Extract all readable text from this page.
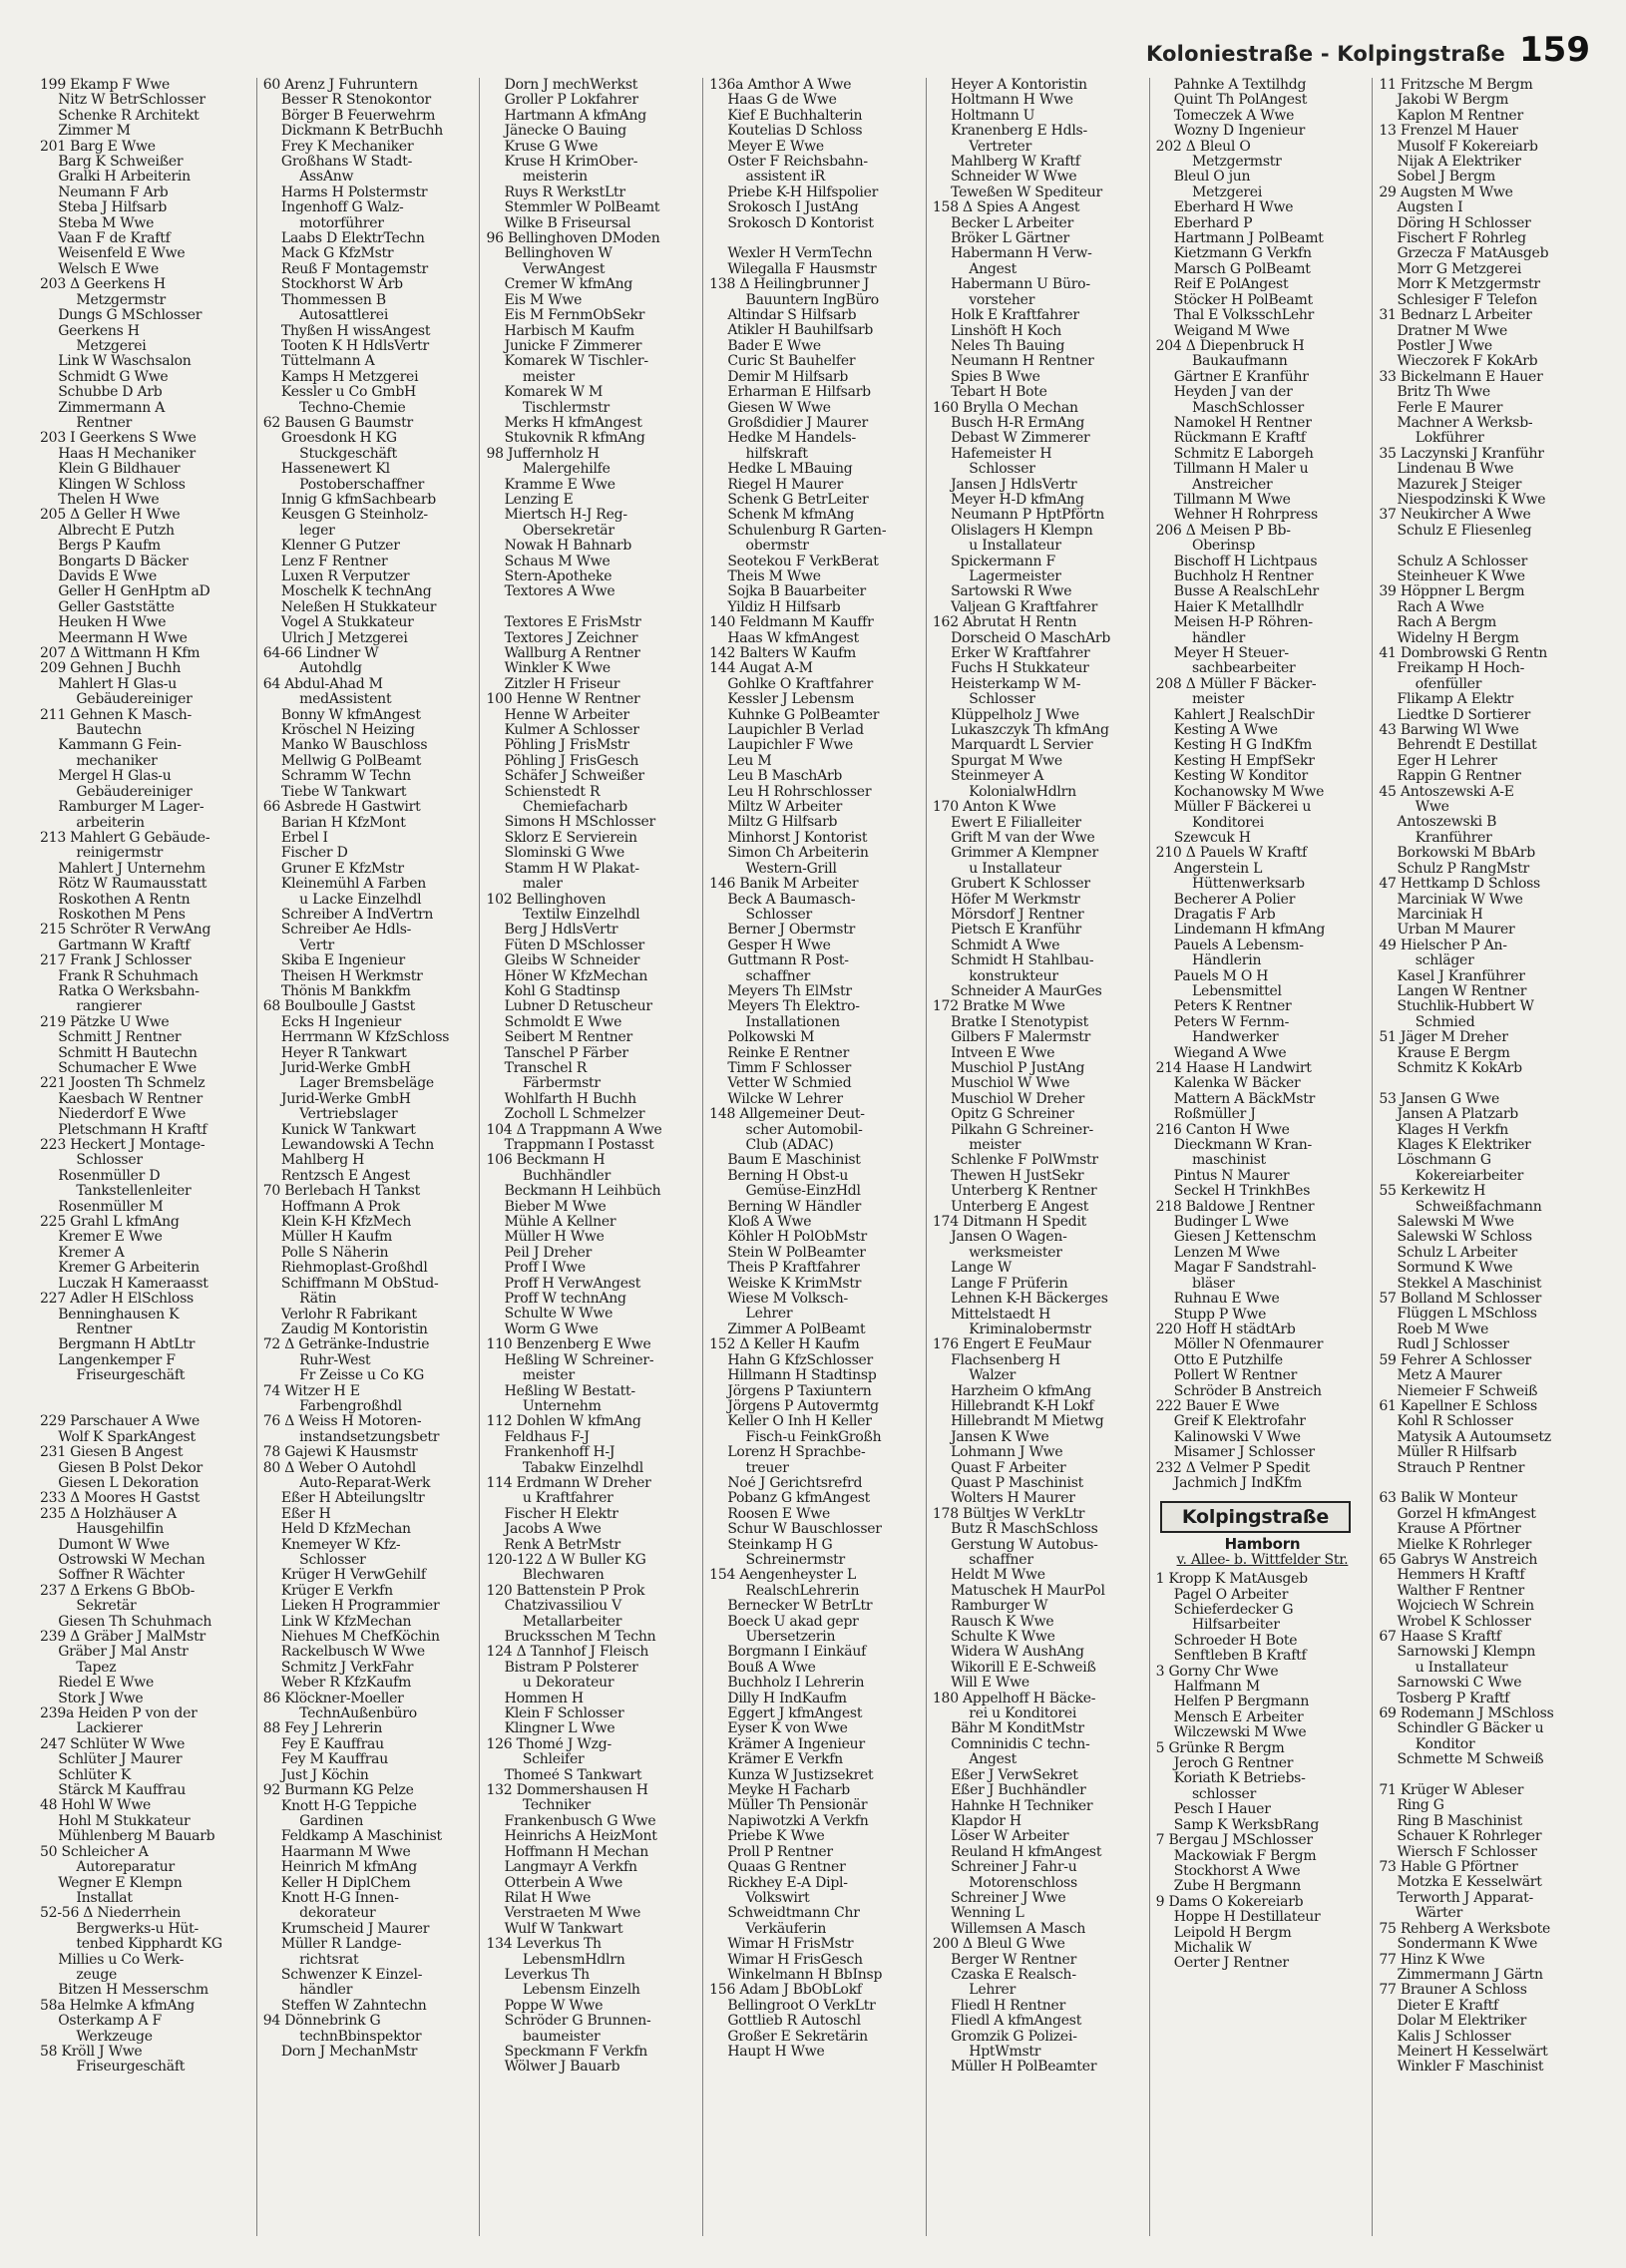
Koloniestraße - Kolpingstraße 159
199 Ekamp F Wwe
Nitz W BetrSchlosser
Schenke R Architekt
Zimmer M
201 Barg E Wwe
Barg K Schweißer
Gralki H Arbeiterin
Neumann F Arb
Steba J Hilfsarb
Steba M Wwe
Vaan F de Kraftf
Weisenfeld E Wwe
Welsch E Wwe
203 Δ Geerkens H
Metzgermstr
Dungs G MSchlosser
Geerkens H
Metzgerei
Link W Waschsalon
Schmidt G Wwe
Schubbe D Arb
Zimmermann A
Rentner
203 I Geerkens S Wwe
Haas H Mechaniker
Klein G Bildhauer
Klingen W Schloss
Thelen H Wwe
205 Δ Geller H Wwe
Albrecht E Putzh
Bergs P Kaufm
Bongarts D Bäcker
Davids E Wwe
Geller H GenHptm aD
Geller Gaststätte
Heuken H Wwe
Meermann H Wwe
207 Δ Wittmann H Kfm
209 Gehnen J Buchh
Mahlert H Glas-u
Gebäudereiniger
211 Gehnen K Masch-
Bautechn
Kammann G Fein-
mechaniker
Mergel H Glas-u
Gebäudereiniger
Ramburger M Lager-
arbeiterin
213 Mahlert G Gebäude-
reinigermstr
Mahlert J Unternehm
Rötz W Raumausstatt
Roskothen A Rentn
Roskothen M Pens
215 Schröter R VerwAng
Gartmann W Kraftf
217 Frank J Schlosser
Frank R Schuhmach
Ratka O Werksbahn-
rangierer
219 Pätzke U Wwe
Schmitt J Rentner
Schmitt H Bautechn
Schumacher E Wwe
221 Joosten Th Schmelz
Kaesbach W Rentner
Niederdorf E Wwe
Pletschmann H Kraftf
223 Heckert J Montage-
Schlosser
Rosenmüller D
Tankstellenleiter
Rosenmüller M
225 Grahl L kfmAng
Kremer E Wwe
Kremer A
Kremer G Arbeiterin
Luczak H Kameraasst
227 Adler H ElSchloss
Benninghausen K
Rentner
Bergmann H AbtLtr
Langenkemper F
Friseurgeschäft
229 Parschauer A Wwe
Wolf K SparkAngest
231 Giesen B Angest
Giesen B Polst Dekor
Giesen L Dekoration
233 Δ Moores H Gastst
235 Δ Holzhäuser A
Hausgehilfin
Dumont W Wwe
Ostrowski W Mechan
Soffner R Wächter
237 Δ Erkens G BbOb-
Sekretär
Giesen Th Schuhmach
239 Δ Gräber J MalMstr
Gräber J Mal Anstr
Tapez
Riedel E Wwe
Stork J Wwe
239a Heiden P von der
Lackierer
247 Schlüter W Wwe
Schlüter J Maurer
Schlüter K
Stärck M Kauffrau
48 Hohl W Wwe
Hohl M Stukkateur
Mühlenberg M Bauarb
50 Schleicher A
Autoreparatur
Wegner E Klempn
Installat
52-56 Δ Niederrhein
Bergwerks-u Hüt-
tenbed Kipphardt KG
Millies u Co Werk-
zeuge
Bitzen H Messerschm
58a Helmke A kfmAng
Osterkamp A F
Werkzeuge
58 Kröll J Wwe
Friseurgeschäft
60 Arenz J Fuhruntern
Besser R Stenokontor
Börger B Feuerwehrm
Dickmann K BetrBuchh
Frey K Mechaniker
Großhans W Stadt-
AssAnw
Harms H Polstermstr
Ingenhoff G Walz-
motorführer
Laabs D ElektrTechn
Mack G KfzMstr
Reuß F Montagemstr
Stockhorst W Arb
Thommessen B
Autosattlerei
Thyßen H wissAngest
Tooten K H HdlsVertr
Tüttelmann A
Kamps H Metzgerei
Kessler u Co GmbH
Techno-Chemie
62 Bausen G Baumstr
Groesdonk H KG
Stuckgeschäft
Hassenewert Kl
Postoberschaffner
Innig G kfmSachbearb
Keusgen G Steinholz-
leger
Klenner G Putzer
Lenz F Rentner
Luxen R Verputzer
Moschelk K technAng
Neleßen H Stukkateur
Vogel A Stukkateur
Ulrich J Metzgerei
64-66 Lindner W
Autohdlg
64 Abdul-Ahad M
medAssistent
Bonny W kfmAngest
Kröschel N Heizing
Manko W Bauschloss
Mellwig G PolBeamt
Schramm W Techn
Tiebe W Tankwart
66 Asbrede H Gastwirt
Barian H KfzMont
Erbel I
Fischer D
Gruner E KfzMstr
Kleinemühl A Farben
u Lacke Einzelhdl
Schreiber A IndVertrn
Schreiber Ae Hdls-
Vertr
Skiba E Ingenieur
Theisen H Werkmstr
Thönis M Bankkfm
68 Boulboulle J Gastst
Ecks H Ingenieur
Herrmann W KfzSchloss
Heyer R Tankwart
Jurid-Werke GmbH
Lager Bremsbeläge
Jurid-Werke GmbH
Vertriebslager
Kunick W Tankwart
Lewandowski A Techn
Mahlberg H
Rentzsch E Angest
70 Berlebach H Tankst
Hoffmann A Prok
Klein K-H KfzMech
Müller H Kaufm
Polle S Näherin
Riehmoplast-Großhdl
Schiffmann M ObStud-
Rätin
Verlohr R Fabrikant
Zaudig M Kontoristin
72 Δ Getränke-Industrie
Ruhr-West
Fr Zeisse u Co KG
74 Witzer H E
Farbengroßhdl
76 Δ Weiss H Motoren-
instandsetzungsbetr
78 Gajewi K Hausmstr
80 Δ Weber O Autohdl
Auto-Reparat-Werk
Eßer H Abteilungsltr
Eßer H
Held D KfzMechan
Knemeyer W Kfz-
Schlosser
Krüger H VerwGehilf
Krüger E Verkfn
Lieken H Programmier
Link W KfzMechan
Niehues M ChefKöchin
Rackelbusch W Wwe
Schmitz J VerkFahr
Weber R KfzKaufm
86 Klöckner-Moeller
TechnAußenbüro
88 Fey J Lehrerin
Fey E Kauffrau
Fey M Kauffrau
Just J Köchin
92 Burmann KG Pelze
Knott H-G Teppiche
Gardinen
Feldkamp A Maschinist
Haarmann M Wwe
Heinrich M kfmAng
Keller H DiplChem
Knott H-G Innen-
dekorateur
Krumscheid J Maurer
Müller R Landge-
richtsrat
Schwenzer K Einzel-
händler
Steffen W Zahntechn
94 Dönnebrink G
technBbinspektor
Dorn J MechanMstr
Dorn J mechWerkst
Groller P Lokfahrer
Hartmann A kfmAng
Jänecke O Bauing
Kruse G Wwe
Kruse H KrimOber-
meisterin
Ruys R WerkstLtr
Stemmler W PolBeamt
Wilke B Friseursal
96 Bellinghoven DModen
Bellinghoven W
VerwAngest
Cremer W kfmAng
Eis M Wwe
Eis M FernmObSekr
Harbisch M Kaufm
Junicke F Zimmerer
Komarek W Tischler-
meister
Komarek W M
Tischlermstr
Merks H kfmAngest
Stukovnik R kfmAng
98 Juffernholz H
Malergehilfe
Kramme E Wwe
Lenzing E
Miertsch H-J Reg-
Obersekretär
Nowak H Bahnarb
Schaus M Wwe
Stern-Apotheke
Textores A Wwe
Textores E FrisMstr
Textores J Zeichner
Wallburg A Rentner
Winkler K Wwe
Zitzler H Friseur
100 Henne W Rentner
Henne W Arbeiter
Kulmer A Schlosser
Pöhling J FrisMstr
Pöhling J FrisGesch
Schäfer J Schweißer
Schienstedt R
Chemiefacharb
Simons H MSchlosser
Sklorz E Servierein
Slominski G Wwe
Stamm H W Plakat-
maler
102 Bellinghoven
Textilw Einzelhdl
Berg J HdlsVertr
Füten D MSchlosser
Gleibs W Schneider
Höner W KfzMechan
Kohl G Stadtinsp
Lubner D Retuscheur
Schmoldt E Wwe
Seibert M Rentner
Tanschel P Färber
Transchel R
Färbermstr
Wohlfarth H Buchh
Zocholl L Schmelzer
104 Δ Trappmann A Wwe
Trappmann I Postasst
106 Beckmann H
Buchhändler
Beckmann H Leihbüch
Bieber M Wwe
Mühle A Kellner
Müller H Wwe
Peil J Dreher
Proff I Wwe
Proff H VerwAngest
Proff W technAng
Schulte W Wwe
Worm G Wwe
110 Benzenberg E Wwe
Heßling W Schreiner-
meister
Heßling W Bestatt-
Unternehm
112 Dohlen W kfmAng
Feldhaus F-J
Frankenhoff H-J
Tabakw Einzelhdl
114 Erdmann W Dreher
u Kraftfahrer
Fischer H Elektr
Jacobs A Wwe
Renk A BetrMstr
120-122 Δ W Buller KG
Blechwaren
120 Battenstein P Prok
Chatzivassiliou V
Metallarbeiter
Brucksschen M Techn
124 Δ Tannhof J Fleisch
Bistram P Polsterer
u Dekorateur
Hommen H
Klein F Schlosser
Klingner L Wwe
126 Thomé J Wzg-
Schleifer
Thomeé S Tankwart
132 Dommershausen H
Techniker
Frankenbusch G Wwe
Heinrichs A HeizMont
Hoffmann H Mechan
Langmayr A Verkfn
Otterbein A Wwe
Rilat H Wwe
Verstraeten M Wwe
Wulf W Tankwart
134 Leverkus Th
LebensmHdlrn
Leverkus Th
Lebensm Einzelh
Poppe W Wwe
Schröder G Brunnen-
baumeister
Speckmann F Verkfn
Wölwer J Bauarb
136a Amthor A Wwe
Haas G de Wwe
Kief E Buchhalterin
Koutelias D Schloss
Meyer E Wwe
Oster F Reichsbahn-
assistent iR
Priebe K-H Hilfspolier
Srokosch I JustAng
Srokosch D Kontorist
Wexler H VermTechn
Wilegalla F Hausmstr
138 Δ Heilingbrunner J
Bauuntern IngBüro
Altindar S Hilfsarb
Atikler H Bauhilfsarb
Bader E Wwe
Curic St Bauhelfer
Demir M Hilfsarb
Erharman E Hilfsarb
Giesen W Wwe
Großdidier J Maurer
Hedke M Handels-
hilfskraft
Hedke L MBauing
Riegel H Maurer
Schenk G BetrLeiter
Schenk M kfmAng
Schulenburg R Garten-
obermstr
Seotekou F VerkBerat
Theis M Wwe
Sojka B Bauarbeiter
Yildiz H Hilfsarb
140 Feldmann M Kauffr
Haas W kfmAngest
142 Balters W Kaufm
144 Augat A-M
Gohlke O Kraftfahrer
Kessler J Lebensm
Kuhnke G PolBeamter
Laupichler B Verlad
Laupichler F Wwe
Leu M
Leu B MaschArb
Leu H Rohrschlosser
Miltz W Arbeiter
Miltz G Hilfsarb
Minhorst J Kontorist
Simon Ch Arbeiterin
Western-Grill
146 Banik M Arbeiter
Beck A Baumasch-
Schlosser
Berner J Obermstr
Gesper H Wwe
Guttmann R Post-
schaffner
Meyers Th ElMstr
Meyers Th Elektro-
Installationen
Polkowski M
Reinke E Rentner
Timm F Schlosser
Vetter W Schmied
Wilcke W Lehrer
148 Allgemeiner Deut-
scher Automobil-
Club (ADAC)
Baum E Maschinist
Berning H Obst-u
Gemüse-EinzHdl
Berning W Händler
Kloß A Wwe
Köhler H PolObMstr
Stein W PolBeamter
Theis P Kraftfahrer
Weiske K KrimMstr
Wiese M Volksch-
Lehrer
Zimmer A PolBeamt
152 Δ Keller H Kaufm
Hahn G KfzSchlosser
Hillmann H Stadtinsp
Jörgens P Taxiuntern
Jörgens P Autovermtg
Keller O Inh H Keller
Fisch-u FeinkGroßh
Lorenz H Sprachbe-
treuer
Noé J Gerichtsrefrd
Pobanz G kfmAngest
Roosen E Wwe
Schur W Bauschlosser
Steinkamp H G
Schreinermstr
154 Aengenheyster L
RealschLehrerin
Bernecker W BetrLtr
Boeck U akad gepr
Übersetzerin
Borgmann I Einkäuf
Bouß A Wwe
Buchholz I Lehrerin
Dilly H IndKaufm
Eggert J kfmAngest
Eyser K von Wwe
Krämer A Ingenieur
Krämer E Verkfn
Kunza W Justizsekret
Meyke H Facharb
Müller Th Pensionär
Napiwotzki A Verkfn
Priebe K Wwe
Proll P Rentner
Quaas G Rentner
Rickhey E-A Dipl-
Volkswirt
Schweidtmann Chr
Verkäuferin
Wimar H FrisMstr
Wimar H FrisGesch
Winkelmann H BbInsp
156 Adam J BbObLokf
Bellingroot O VerkLtr
Gottlieb R Autoschl
Großer E Sekretärin
Haupt H Wwe
Heyer A Kontoristin
Holtmann H Wwe
Holtmann U
Kranenberg E Hdls-
Vertreter
Mahlberg W Kraftf
Schneider W Wwe
Teweßen W Spediteur
158 Δ Spies A Angest
Becker L Arbeiter
Bröker L Gärtner
Habermann H Verw-
Angest
Habermann U Büro-
vorsteher
Holk E Kraftfahrer
Linshöft H Koch
Neles Th Bauing
Neumann H Rentner
Spies B Wwe
Tebart H Bote
160 Brylla O Mechan
Busch H-R ErmAng
Debast W Zimmerer
Hafemeister H
Schlosser
Jansen J HdlsVertr
Meyer H-D kfmAng
Neumann P HptPförtn
Olislagers H Klempn
u Installateur
Spickermann F
Lagermeister
Sartowski R Wwe
Valjean G Kraftfahrer
162 Abrutat H Rentn
Dorscheid O MaschArb
Erker W Kraftfahrer
Fuchs H Stukkateur
Heisterkamp W M-
Schlosser
Klüppelholz J Wwe
Lukaszczyk Th kfmAng
Marquardt L Servier
Spurgat M Wwe
Steinmeyer A
KolonialwHdlrn
170 Anton K Wwe
Ewert E Filialleiter
Grift M van der Wwe
Grimmer A Klempner
u Installateur
Grubert K Schlosser
Höfer M Werkmstr
Mörsdorf J Rentner
Pietsch E Kranführ
Schmidt A Wwe
Schmidt H Stahlbau-
konstrukteur
Schneider A MaurGes
172 Bratke M Wwe
Bratke I Stenotypist
Gilbers F Malermstr
Intveen E Wwe
Muschiol P JustAng
Muschiol W Wwe
Muschiol W Dreher
Opitz G Schreiner
Pilkahn G Schreiner-
meister
Schlenke F PolWmstr
Thewen H JustSekr
Unterberg K Rentner
Unterberg E Angest
174 Ditmann H Spedit
Jansen O Wagen-
werksmeister
Lange W
Lange F Prüferin
Lehnen K-H Bäckerges
Mittelstaedt H
Kriminalobermstr
176 Engert E FeuMaur
Flachsenberg H
Walzer
Harzheim O kfmAng
Hillebrandt K-H Lokf
Hillebrandt M Mietwg
Jansen K Wwe
Lohmann J Wwe
Quast F Arbeiter
Quast P Maschinist
Wolters H Maurer
178 Bültjes W VerkLtr
Butz R MaschSchloss
Gerstung W Autobus-
schaffner
Heldt M Wwe
Matuschek H MaurPol
Ramburger W
Rausch K Wwe
Schulte K Wwe
Widera W AushAng
Wikorill E E-Schweiß
Will E Wwe
180 Appelhoff H Bäcke-
rei u Konditorei
Bähr M KonditMstr
Comninidis C techn-
Angest
Eßer J VerwSekret
Eßer J Buchhändler
Hahnke H Techniker
Klapdor H
Löser W Arbeiter
Reuland H kfmAngest
Schreiner J Fahr-u
Motorenschloss
Schreiner J Wwe
Wenning L
Willemsen A Masch
200 Δ Bleul G Wwe
Berger W Rentner
Czaska E Realsch-
Lehrer
Fliedl H Rentner
Fliedl A kfmAngest
Gromzik G Polizei-
HptWmstr
Müller H PolBeamter
Pahnke A Textilhdg
Quint Th PolAngest
Tomeczek A Wwe
Wozny D Ingenieur
202 Δ Bleul O
Metzgermstr
Bleul O jun
Metzgerei
Eberhard H Wwe
Eberhard P
Hartmann J PolBeamt
Kietzmann G Verkfn
Marsch G PolBeamt
Reif E PolAngest
Stöcker H PolBeamt
Thal E VolksschLehr
Weigand M Wwe
204 Δ Diepenbruck H
Baukaufmann
Gärtner E Kranführ
Heyden J van der
MaschSchlosser
Namokel H Rentner
Rückmann E Kraftf
Schmitz E Laborgeh
Tillmann H Maler u
Anstreicher
Tillmann M Wwe
Wehner H Rohrpress
206 Δ Meisen P Bb-
Oberinsp
Bischoff H Lichtpaus
Buchholz H Rentner
Busse A RealschLehr
Haier K Metallhdlr
Meisen H-P Röhren-
händler
Meyer H Steuer-
sachbearbeiter
208 Δ Müller F Bäcker-
meister
Kahlert J RealschDir
Kesting A Wwe
Kesting H G IndKfm
Kesting H EmpfSekr
Kesting W Konditor
Kochanowsky M Wwe
Müller F Bäckerei u
Konditorei
Szewcuk H
210 Δ Pauels W Kraftf
Angerstein L
Hüttenwerksarb
Becherer A Polier
Dragatis F Arb
Lindemann H kfmAng
Pauels A Lebensm-
Händlerin
Pauels M O H
Lebensmittel
Peters K Rentner
Peters W Fernm-
Handwerker
Wiegand A Wwe
214 Haase H Landwirt
Kalenka W Bäcker
Mattern A BäckMstr
Roßmüller J
216 Canton H Wwe
Dieckmann W Kran-
maschinist
Pintus N Maurer
Seckel H TrinkhBes
218 Baldowe J Rentner
Budinger L Wwe
Giesen J Kettenschm
Lenzen M Wwe
Magar F Sandstrahl-
bläser
Ruhnau E Wwe
Stupp P Wwe
220 Hoff H städtArb
Möller N Ofenmaurer
Otto E Putzhilfe
Pollert W Rentner
Schröder B Anstreich
222 Bauer E Wwe
Greif K Elektrofahr
Kalinowski V Wwe
Misamer J Schlosser
232 Δ Velmer P Spedit
Jachmich J IndKfm
Kolpingstraße
Hamborn
v. Allee- b. Wittfelder Str.
1 Kropp K MatAusgeb
Pagel O Arbeiter
Schieferdecker G
Hilfsarbeiter
Schroeder H Bote
Senftleben B Kraftf
3 Gorny Chr Wwe
Halfmann M
Helfen P Bergmann
Mensch E Arbeiter
Wilczewski M Wwe
5 Grünke R Bergm
Jeroch G Rentner
Koriath K Betriebs-
schlosser
Pesch I Hauer
Samp K WerksbRang
7 Bergau J MSchlosser
Mackowiak F Bergm
Stockhorst A Wwe
Zube H Bergmann
9 Dams O Kokereiarb
Hoppe H Destillateur
Leipold H Bergm
Michalik W
Oerter J Rentner
11 Fritzsche M Bergm
Jakobi W Bergm
Kaplon M Rentner
13 Frenzel M Hauer
Musolf F Kokereiarb
Nijak A Elektriker
Sobel J Bergm
29 Augsten M Wwe
Augsten I
Döring H Schlosser
Fischert F Rohrleg
Grzecza F MatAusgeb
Morr G Metzgerei
Morr K Metzgermstr
Schlesiger F Telefon
31 Bednarz L Arbeiter
Dratner M Wwe
Postler J Wwe
Wieczorek F KokArb
33 Bickelmann E Hauer
Britz Th Wwe
Ferle E Maurer
Machner A Werksb-
Lokführer
35 Laczynski J Kranführ
Lindenau B Wwe
Mazurek J Steiger
Niespodzinski K Wwe
37 Neukircher A Wwe
Schulz E Fliesenleg
Schulz A Schlosser
Steinheuer K Wwe
39 Höppner L Bergm
Rach A Wwe
Rach A Bergm
Widelny H Bergm
41 Dombrowski G Rentn
Freikamp H Hoch-
ofenfüller
Flikamp A Elektr
Liedtke D Sortierer
43 Barwing Wl Wwe
Behrendt E Destillat
Eger H Lehrer
Rappin G Rentner
45 Antoszewski A-E
Wwe
Antoszewski B
Kranführer
Borkowski M BbArb
Schulz P RangMstr
47 Hettkamp D Schloss
Marciniak W Wwe
Marciniak H
Urban M Maurer
49 Hielscher P An-
schläger
Kasel J Kranführer
Langen W Rentner
Stuchlik-Hubbert W
Schmied
51 Jäger M Dreher
Krause E Bergm
Schmitz K KokArb
53 Jansen G Wwe
Jansen A Platzarb
Klages H Verkfn
Klages K Elektriker
Löschmann G
Kokereiarbeiter
55 Kerkewitz H
Schweißfachmann
Salewski M Wwe
Salewski W Schloss
Schulz L Arbeiter
Sormund K Wwe
Stekkel A Maschinist
57 Bolland M Schlosser
Flüggen L MSchloss
Roeb M Wwe
Rudl J Schlosser
59 Fehrer A Schlosser
Metz A Maurer
Niemeier F Schweiß
61 Kapellner E Schloss
Kohl R Schlosser
Matysik A Autoumsetz
Müller R Hilfsarb
Strauch P Rentner
63 Balik W Monteur
Gorzel H kfmAngest
Krause A Pförtner
Mielke K Rohrleger
65 Gabrys W Anstreich
Hemmers H Kraftf
Walther F Rentner
Wojciech W Schrein
Wrobel K Schlosser
67 Haase S Kraftf
Sarnowski J Klempn
u Installateur
Sarnowski C Wwe
Tosberg P Kraftf
69 Rodemann J MSchloss
Schindler G Bäcker u
Konditor
Schmette M Schweiß
71 Krüger W Ableser
Ring G
Ring B Maschinist
Schauer K Rohrleger
Wiersch F Schlosser
73 Hable G Pförtner
Motzka E Kesselwärt
Terworth J Apparat-
Wärter
75 Rehberg A Werksbote
Sondermann K Wwe
77 Hinz K Wwe
Zimmermann J Gärtn
77 Brauner A Schloss
Dieter E Kraftf
Dolar M Elektriker
Kalis J Schlosser
Meinert H Kesselwärt
Winkler F Maschinist
